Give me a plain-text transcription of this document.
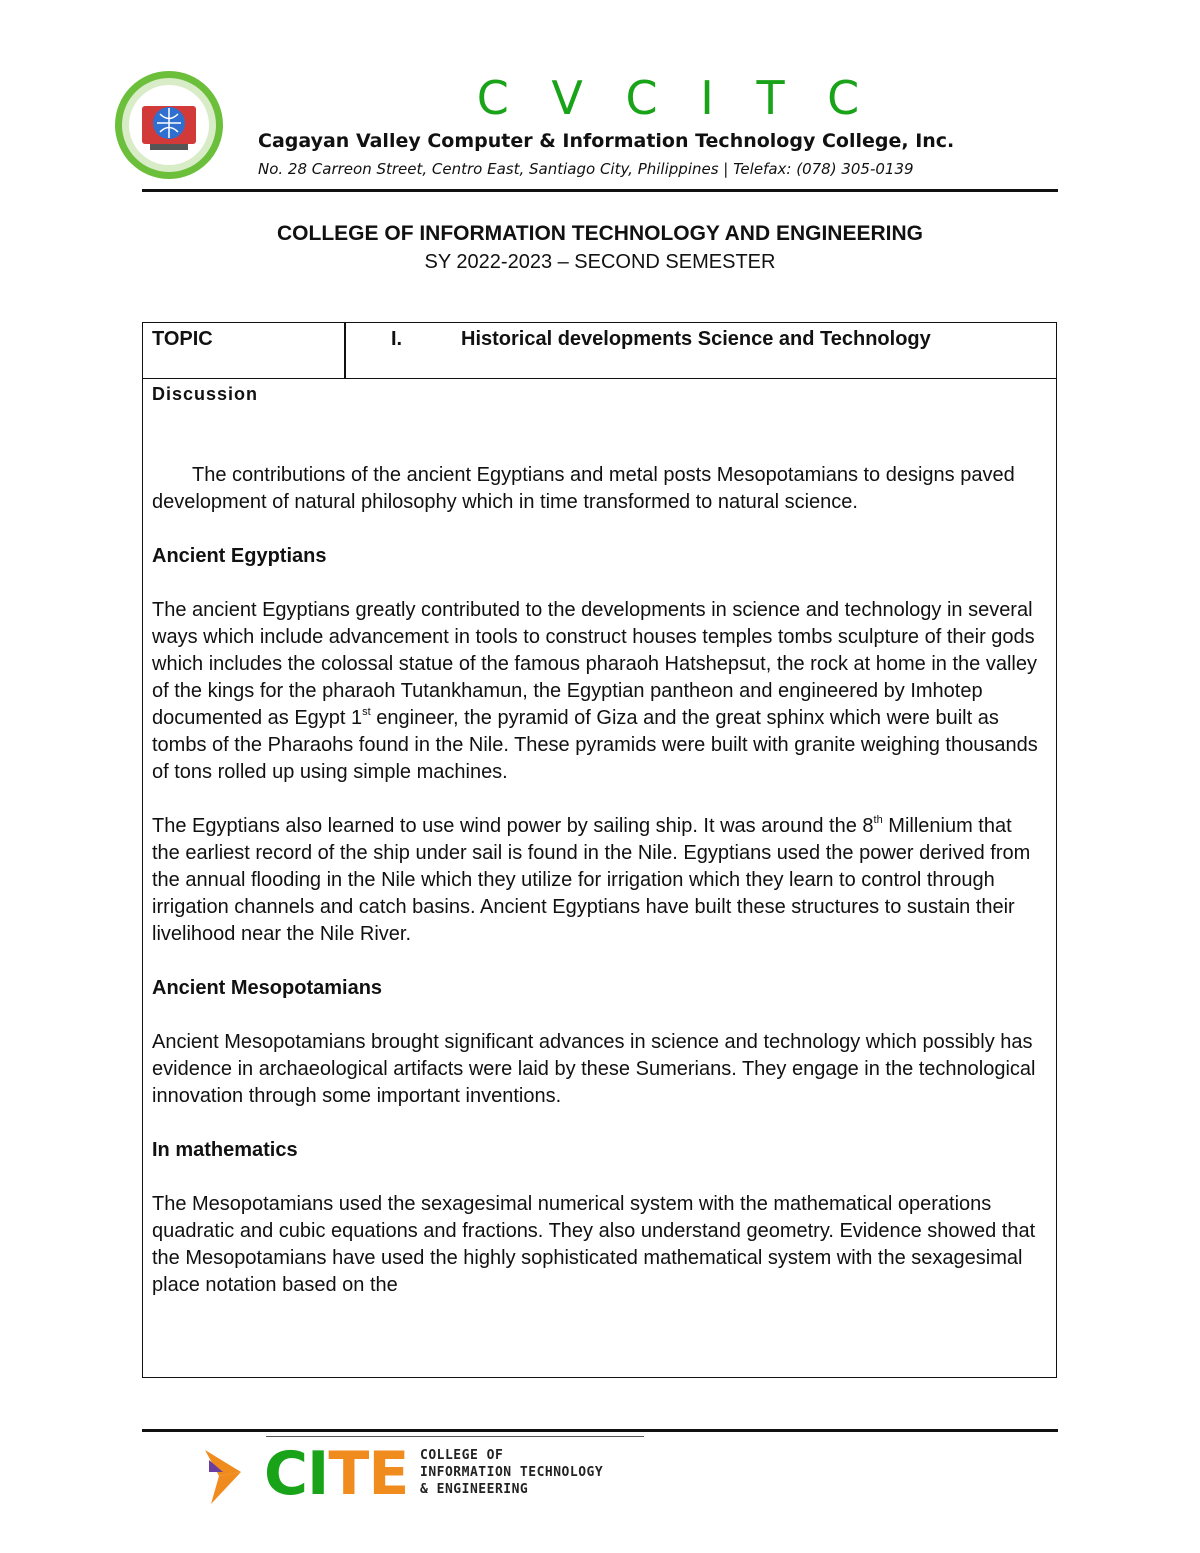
C V C I T C
Cagayan Valley Computer & Information Technology College, Inc.
No. 28 Carreon Street, Centro East, Santiago City, Philippines | Telefax: (078) 305-0139
COLLEGE OF INFORMATION TECHNOLOGY AND ENGINEERING
SY 2022-2023 – SECOND SEMESTER
TOPIC	I.	Historical developments Science and Technology

Discussion

The contributions of the ancient Egyptians and metal posts Mesopotamians to designs paved development of natural philosophy which in time transformed to natural science.

Ancient Egyptians

The ancient Egyptians greatly contributed to the developments in science and technology in several ways which include advancement in tools to construct houses temples tombs sculpture of their gods which includes the colossal statue of the famous pharaoh Hatshepsut, the rock at home in the valley of the kings for the pharaoh Tutankhamun, the Egyptian pantheon and engineered by Imhotep documented as Egypt 1st engineer, the pyramid of Giza and the great sphinx which were built as tombs of the Pharaohs found in the Nile. These pyramids were built with granite weighing thousands of tons rolled up using simple machines.

The Egyptians also learned to use wind power by sailing ship. It was around the 8th Millenium that the earliest record of the ship under sail is found in the Nile. Egyptians used the power derived from the annual flooding in the Nile which they utilize for irrigation which they learn to control through irrigation channels and catch basins. Ancient Egyptians have built these structures to sustain their livelihood near the Nile River.

Ancient Mesopotamians

Ancient Mesopotamians brought significant advances in science and technology which possibly has evidence in archaeological artifacts were laid by these Sumerians. They engage in the technological innovation through some important inventions.

In mathematics

The Mesopotamians used the sexagesimal numerical system with the mathematical operations quadratic and cubic equations and fractions. They also understand geometry. Evidence showed that the Mesopotamians have used the highly sophisticated mathematical system with the sexagesimal place notation based on the

CITE COLLEGE OF
INFORMATION TECHNOLOGY
& ENGINEERING
